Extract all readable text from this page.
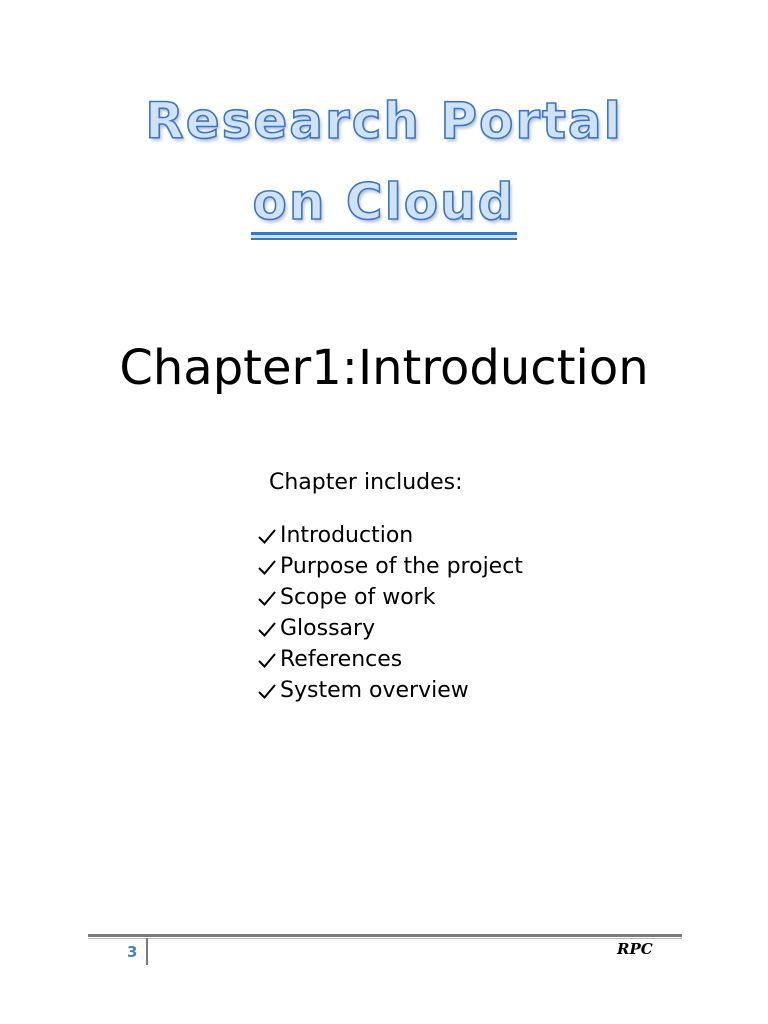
Research Portal
on Cloud
Chapter1:Introduction
Chapter includes:
Introduction
Purpose of the project
Scope of work
Glossary
References
System overview
3	RPC
